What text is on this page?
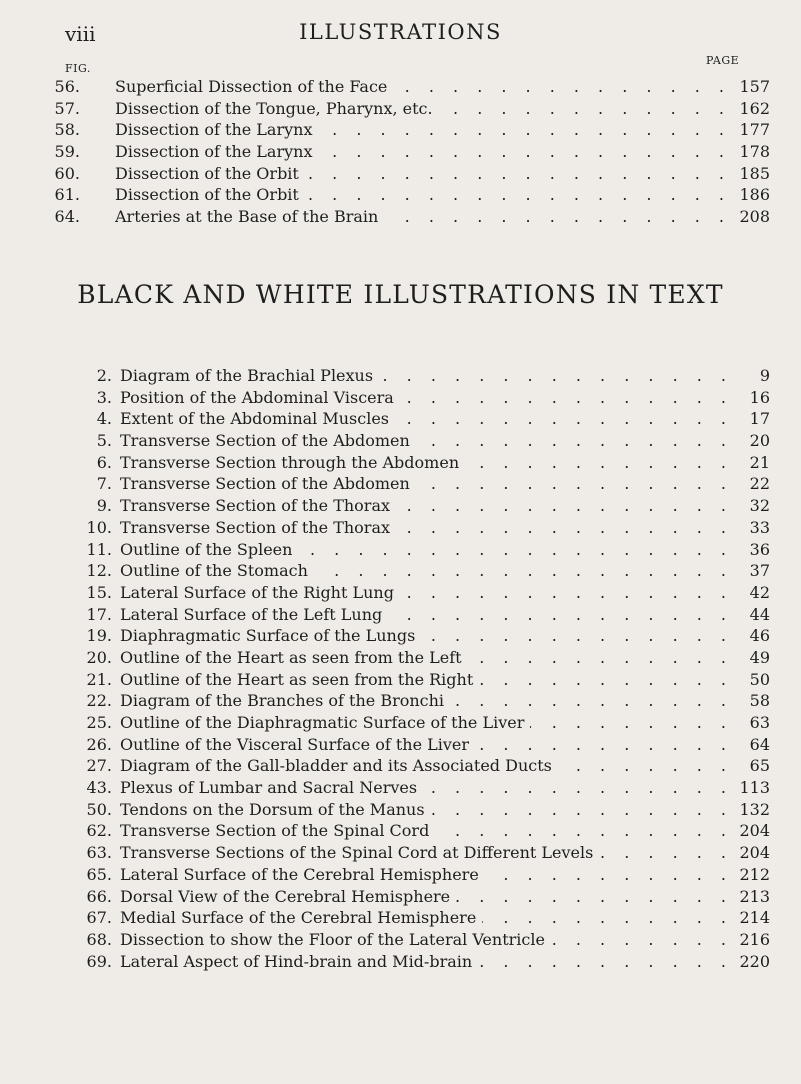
viii	ILLUSTRATIONS
FIG.
PAGE
56. Superficial Dissection of the Face . . .	157
57. Dissection of the Tongue, Pharynx, etc. . . .	162
58. Dissection of the Larynx . . .	177
59. Dissection of the Larynx . . .	178
60. Dissection of the Orbit . . .	185
61. Dissection of the Orbit . . .	186
64. Arteries at the Base of the Brain . . .	208
BLACK AND WHITE ILLUSTRATIONS IN TEXT
2. Diagram of the Brachial Plexus . . .	9
3. Position of the Abdominal Viscera . . .	16
4. Extent of the Abdominal Muscles . . .	17
5. Transverse Section of the Abdomen . . .	20
6. Transverse Section through the Abdomen . . .	21
7. Transverse Section of the Abdomen . . .	22
9. Transverse Section of the Thorax . . .	32
10. Transverse Section of the Thorax . . .	33
11. Outline of the Spleen . . .	36
12. Outline of the Stomach . . .	37
15. Lateral Surface of the Right Lung . . .	42
17. Lateral Surface of the Left Lung . . .	44
19. Diaphragmatic Surface of the Lungs . . .	46
20. Outline of the Heart as seen from the Left . . .	49
21. Outline of the Heart as seen from the Right . . .	50
22. Diagram of the Branches of the Bronchi . . .	58
25. Outline of the Diaphragmatic Surface of the Liver . . .	63
26. Outline of the Visceral Surface of the Liver . . .	64
27. Diagram of the Gall-bladder and its Associated Ducts . . .	65
43. Plexus of Lumbar and Sacral Nerves . . .	113
50. Tendons on the Dorsum of the Manus . . .	132
62. Transverse Section of the Spinal Cord . . .	204
63. Transverse Sections of the Spinal Cord at Different Levels . . .	204
65. Lateral Surface of the Cerebral Hemisphere . . .	212
66. Dorsal View of the Cerebral Hemisphere . . .	213
67. Medial Surface of the Cerebral Hemisphere . . .	214
68. Dissection to show the Floor of the Lateral Ventricle . . .	216
69. Lateral Aspect of Hind-brain and Mid-brain . . .	220
